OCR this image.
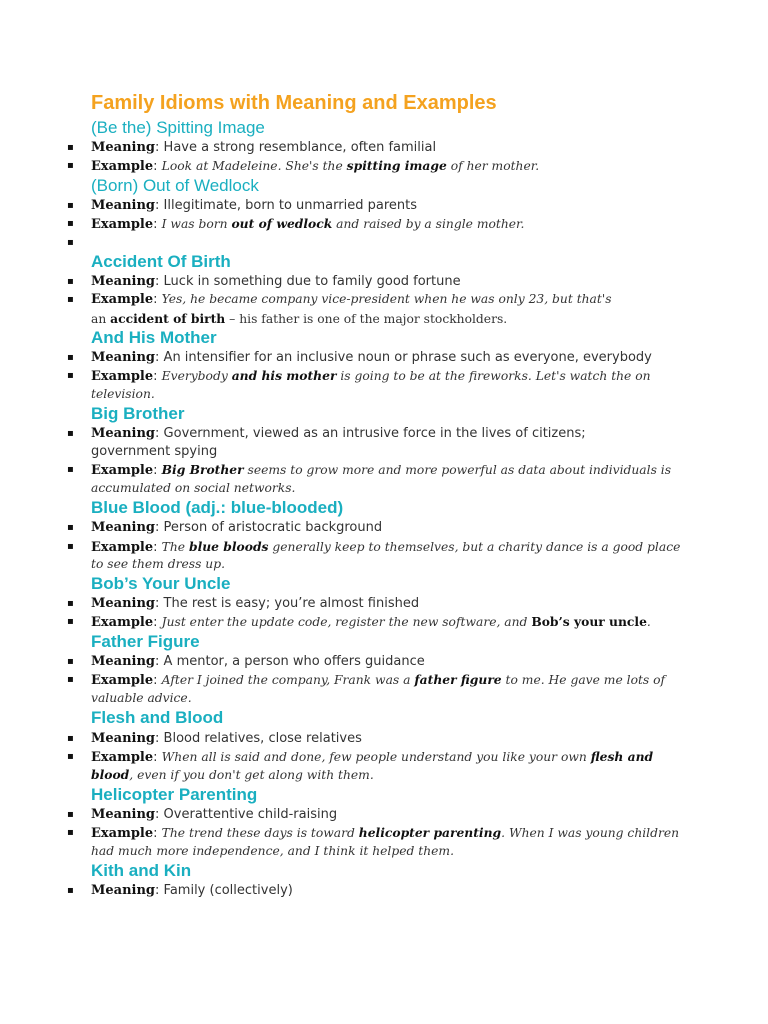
Family Idioms with Meaning and Examples
(Be the) Spitting Image
▪ Meaning: Have a strong resemblance, often familial
▪ Example: Look at Madeleine. She's the spitting image of her mother.
(Born) Out of Wedlock
▪ Meaning: Illegitimate, born to unmarried parents
▪ Example: I was born out of wedlock and raised by a single mother.
▪
Accident Of Birth
▪ Meaning: Luck in something due to family good fortune
▪ Example: Yes, he became company vice-president when he was only 23, but that's
an accident of birth – his father is one of the major stockholders.
And His Mother
▪ Meaning: An intensifier for an inclusive noun or phrase such as everyone, everybody
▪ Example: Everybody and his mother is going to be at the fireworks. Let's watch the on
television.
Big Brother
▪ Meaning: Government, viewed as an intrusive force in the lives of citizens;
government spying
▪ Example: Big Brother seems to grow more and more powerful as data about individuals is
accumulated on social networks.
Blue Blood (adj.: blue-blooded)
▪ Meaning: Person of aristocratic background
▪ Example: The blue bloods generally keep to themselves, but a charity dance is a good place
to see them dress up.
Bob’s Your Uncle
▪ Meaning: The rest is easy; you’re almost finished
▪ Example: Just enter the update code, register the new software, and Bob’s your uncle.
Father Figure
▪ Meaning: A mentor, a person who offers guidance
▪ Example: After I joined the company, Frank was a father figure to me. He gave me lots of
valuable advice.
Flesh and Blood
▪ Meaning: Blood relatives, close relatives
▪ Example: When all is said and done, few people understand you like your own flesh and
blood, even if you don't get along with them.
Helicopter Parenting
▪ Meaning: Overattentive child-raising
▪ Example: The trend these days is toward helicopter parenting. When I was young children
had much more independence, and I think it helped them.
Kith and Kin
▪ Meaning: Family (collectively)
